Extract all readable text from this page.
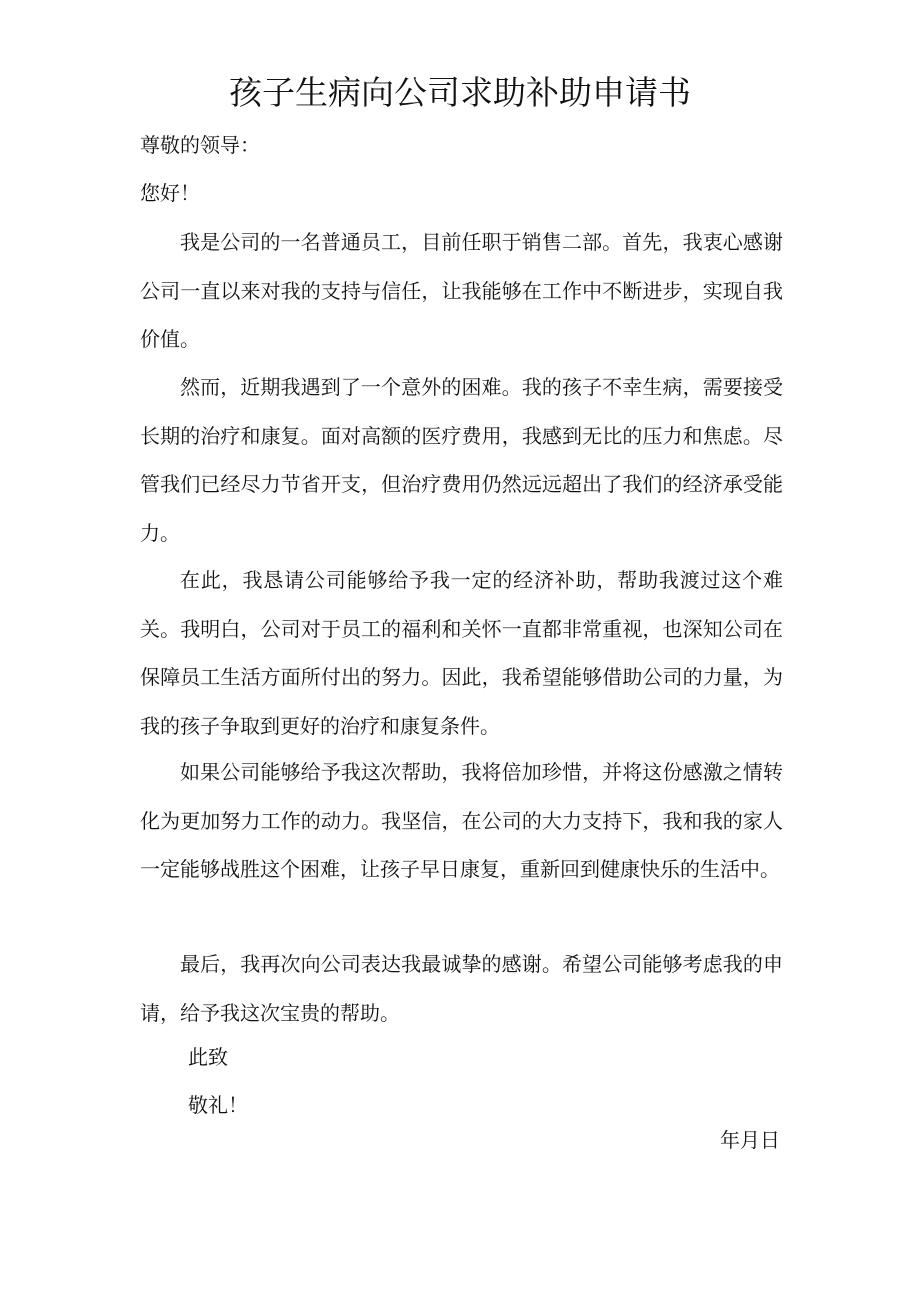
孩子生病向公司求助补助申请书
尊敬的领导：
您好！
我是公司的一名普通员工，目前任职于销售二部。首先，我衷心感谢公司一直以来对我的支持与信任，让我能够在工作中不断进步，实现自我价值。
然而，近期我遇到了一个意外的困难。我的孩子不幸生病，需要接受长期的治疗和康复。面对高额的医疗费用，我感到无比的压力和焦虑。尽管我们已经尽力节省开支，但治疗费用仍然远远超出了我们的经济承受能力。
在此，我恳请公司能够给予我一定的经济补助，帮助我渡过这个难关。我明白，公司对于员工的福利和关怀一直都非常重视，也深知公司在保障员工生活方面所付出的努力。因此，我希望能够借助公司的力量，为我的孩子争取到更好的治疗和康复条件。
如果公司能够给予我这次帮助，我将倍加珍惜，并将这份感激之情转化为更加努力工作的动力。我坚信，在公司的大力支持下，我和我的家人一定能够战胜这个困难，让孩子早日康复，重新回到健康快乐的生活中。
最后，我再次向公司表达我最诚挚的感谢。希望公司能够考虑我的申请，给予我这次宝贵的帮助。
此致
敬礼！
年月日
